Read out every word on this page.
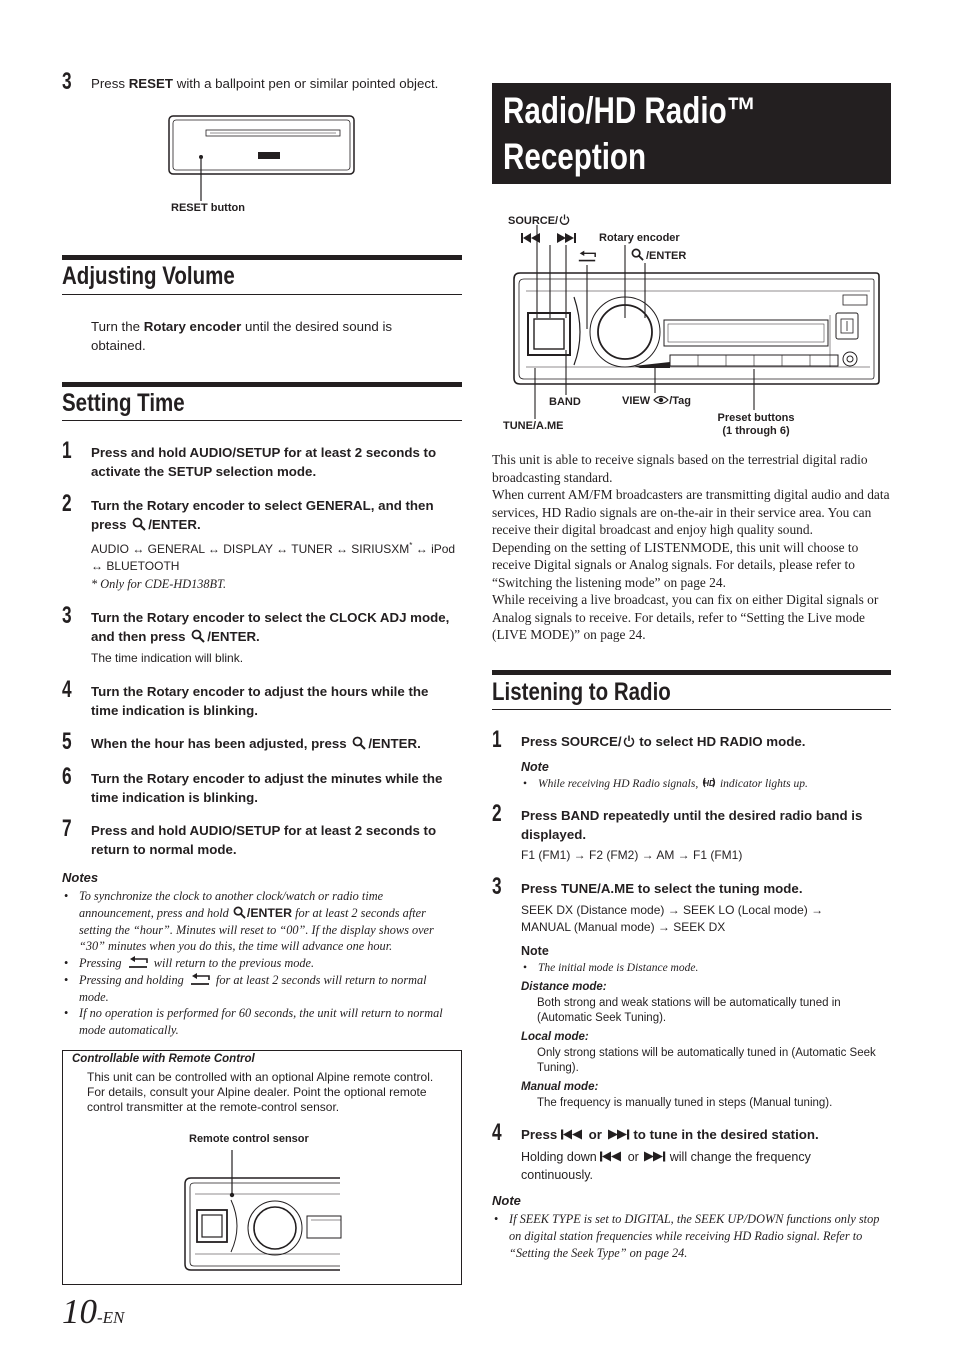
3 Press RESET with a ballpoint pen or similar pointed object.
RESET button
Adjusting Volume
Turn the Rotary encoder until the desired sound is obtained.
Setting Time
1 Press and hold AUDIO/SETUP for at least 2 seconds to activate the SETUP selection mode.
2 Turn the Rotary encoder to select GENERAL, and then press /ENTER.
AUDIO ↔ GENERAL ↔ DISPLAY ↔ TUNER ↔ SIRIUSXM* ↔ iPod
↔ BLUETOOTH
* Only for CDE-HD138BT.
3 Turn the Rotary encoder to select the CLOCK ADJ mode, and then press /ENTER.
The time indication will blink.
4 Turn the Rotary encoder to adjust the hours while the time indication is blinking.
5 When the hour has been adjusted, press /ENTER.
6 Turn the Rotary encoder to adjust the minutes while the time indication is blinking.
7 Press and hold AUDIO/SETUP for at least 2 seconds to return to normal mode.
Notes
• To synchronize the clock to another clock/watch or radio time announcement, press and hold /ENTER for at least 2 seconds after setting the “hour”. Minutes will reset to “00”. If the display shows over “30” minutes when you do this, the time will advance one hour.
• Pressing  will return to the previous mode.
• Pressing and holding  for at least 2 seconds will return to normal mode.
• If no operation is performed for 60 seconds, the unit will return to normal mode automatically.
Controllable with Remote Control
This unit can be controlled with an optional Alpine remote control. For details, consult your Alpine dealer. Point the optional remote control transmitter at the remote-control sensor.
Remote control sensor
Radio/HD Radio™ Reception
SOURCE/
Rotary encoder
/ENTER
BAND	VIEW /Tag
Preset buttons
(1 through 6)
TUNE/A.ME
This unit is able to receive signals based on the terrestrial digital radio broadcasting standard.
When current AM/FM broadcasters are transmitting digital audio and data services, HD Radio signals are on-the-air in their service area. You can receive their digital broadcast and enjoy high quality sound.
Depending on the setting of LISTENMODE, this unit will choose to receive Digital signals or Analog signals. For details, please refer to “Switching the listening mode” on page 24.
While receiving a live broadcast, you can fix on either Digital signals or Analog signals to receive. For details, refer to “Setting the Live mode (LIVE MODE)” on page 24.
Listening to Radio
1 Press SOURCE/ to select HD RADIO mode.
Note
• While receiving HD Radio signals, HD indicator lights up.
2 Press BAND repeatedly until the desired radio band is displayed.
F1 (FM1) → F2 (FM2) → AM → F1 (FM1)
3 Press TUNE/A.ME to select the tuning mode.
SEEK DX (Distance mode) → SEEK LO (Local mode) →
MANUAL (Manual mode) → SEEK DX
Note
• The initial mode is Distance mode.
Distance mode:
Both strong and weak stations will be automatically tuned in (Automatic Seek Tuning).
Local mode:
Only strong stations will be automatically tuned in (Automatic Seek Tuning).
Manual mode:
The frequency is manually tuned in steps (Manual tuning).
4 Press  or  to tune in the desired station.
Holding down  or  will change the frequency continuously.
Note
• If SEEK TYPE is set to DIGITAL, the SEEK UP/DOWN functions only stop on digital station frequencies while receiving HD Radio signal. Refer to “Setting the Seek Type” on page 24.
10-EN
